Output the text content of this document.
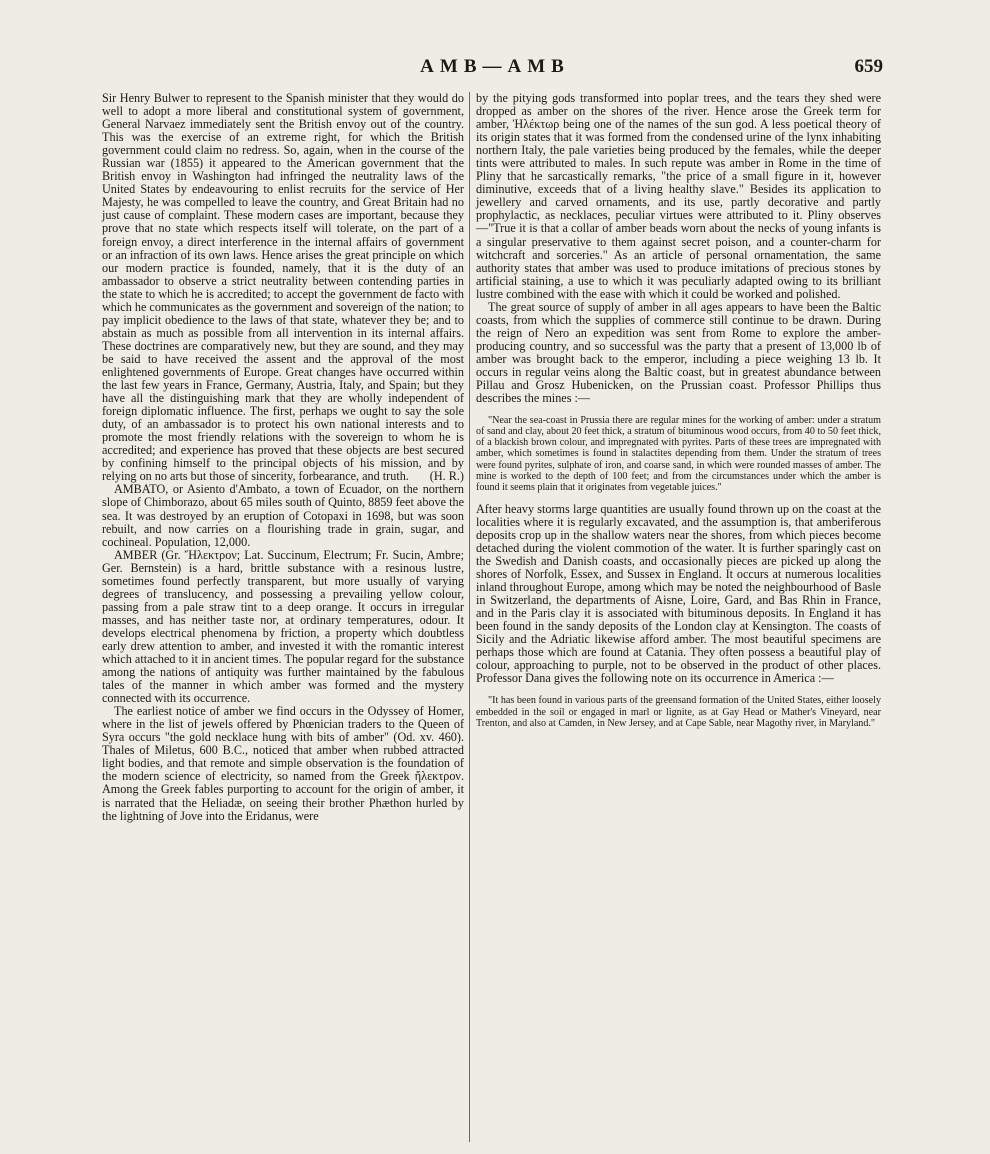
AMB—AMB	659

Sir Henry Bulwer to represent to the Spanish minister that they would do well to adopt a more liberal and constitutional system of government, General Narvaez immediately sent the British envoy out of the country. This was the exercise of an extreme right, for which the British government could claim no redress. So, again, when in the course of the Russian war (1855) it appeared to the American government that the British envoy in Washington had infringed the neutrality laws of the United States by endeavouring to enlist recruits for the service of Her Majesty, he was compelled to leave the country, and Great Britain had no just cause of complaint. These modern cases are important, because they prove that no state which respects itself will tolerate, on the part of a foreign envoy, a direct interference in the internal affairs of government or an infraction of its own laws. Hence arises the great principle on which our modern practice is founded, namely, that it is the duty of an ambassador to observe a strict neutrality between contending parties in the state to which he is accredited; to accept the government de facto with which he communicates as the government and sovereign of the nation; to pay implicit obedience to the laws of that state, whatever they be; and to abstain as much as possible from all intervention in its internal affairs. These doctrines are comparatively new, but they are sound, and they may be said to have received the assent and the approval of the most enlightened governments of Europe. Great changes have occurred within the last few years in France, Germany, Austria, Italy, and Spain; but they have all the distinguishing mark that they are wholly independent of foreign diplomatic influence. The first, perhaps we ought to say the sole duty, of an ambassador is to protect his own national interests and to promote the most friendly relations with the sovereign to whom he is accredited; and experience has proved that these objects are best secured by confining himself to the principal objects of his mission, and by relying on no arts but those of sincerity, forbearance, and truth. (H. R.)

AMBATO, or Asiento d'Ambato, a town of Ecuador, on the northern slope of Chimborazo, about 65 miles south of Quinto, 8859 feet above the sea. It was destroyed by an eruption of Cotopaxi in 1698, but was soon rebuilt, and now carries on a flourishing trade in grain, sugar, and cochineal. Population, 12,000.

AMBER (Gr. Ἤλεκτρον; Lat. Succinum, Electrum; Fr. Sucin, Ambre; Ger. Bernstein) is a hard, brittle substance with a resinous lustre, sometimes found perfectly transparent, but more usually of varying degrees of translucency, and possessing a prevailing yellow colour, passing from a pale straw tint to a deep orange. It occurs in irregular masses, and has neither taste nor, at ordinary temperatures, odour. It develops electrical phenomena by friction, a property which doubtless early drew attention to amber, and invested it with the romantic interest which attached to it in ancient times. The popular regard for the substance among the nations of antiquity was further maintained by the fabulous tales of the manner in which amber was formed and the mystery connected with its occurrence.

The earliest notice of amber we find occurs in the Odyssey of Homer, where in the list of jewels offered by Phœnician traders to the Queen of Syra occurs "the gold necklace hung with bits of amber" (Od. xv. 460). Thales of Miletus, 600 B.C., noticed that amber when rubbed attracted light bodies, and that remote and simple observation is the foundation of the modern science of electricity, so named from the Greek ἤλεκτρον. Among the Greek fables purporting to account for the origin of amber, it is narrated that the Heliadæ, on seeing their brother Phæthon hurled by the lightning of Jove into the Eridanus, were

by the pitying gods transformed into poplar trees, and the tears they shed were dropped as amber on the shores of the river. Hence arose the Greek term for amber, Ἠλέκτωρ being one of the names of the sun god. A less poetical theory of its origin states that it was formed from the condensed urine of the lynx inhabiting northern Italy, the pale varieties being produced by the females, while the deeper tints were attributed to males. In such repute was amber in Rome in the time of Pliny that he sarcastically remarks, "the price of a small figure in it, however diminutive, exceeds that of a living healthy slave." Besides its application to jewellery and carved ornaments, and its use, partly decorative and partly prophylactic, as necklaces, peculiar virtues were attributed to it. Pliny observes—"True it is that a collar of amber beads worn about the necks of young infants is a singular preservative to them against secret poison, and a counter-charm for witchcraft and sorceries." As an article of personal ornamentation, the same authority states that amber was used to produce imitations of precious stones by artificial staining, a use to which it was peculiarly adapted owing to its brilliant lustre combined with the ease with which it could be worked and polished.

The great source of supply of amber in all ages appears to have been the Baltic coasts, from which the supplies of commerce still continue to be drawn. During the reign of Nero an expedition was sent from Rome to explore the amber-producing country, and so successful was the party that a present of 13,000 lb of amber was brought back to the emperor, including a piece weighing 13 lb. It occurs in regular veins along the Baltic coast, but in greatest abundance between Pillau and Grosz Hubenicken, on the Prussian coast. Professor Phillips thus describes the mines :—

"Near the sea-coast in Prussia there are regular mines for the working of amber: under a stratum of sand and clay, about 20 feet thick, a stratum of bituminous wood occurs, from 40 to 50 feet thick, of a blackish brown colour, and impregnated with pyrites. Parts of these trees are impregnated with amber, which sometimes is found in stalactites depending from them. Under the stratum of trees were found pyrites, sulphate of iron, and coarse sand, in which were rounded masses of amber. The mine is worked to the depth of 100 feet; and from the circumstances under which the amber is found it seems plain that it originates from vegetable juices."

After heavy storms large quantities are usually found thrown up on the coast at the localities where it is regularly excavated, and the assumption is, that amberiferous deposits crop up in the shallow waters near the shores, from which pieces become detached during the violent commotion of the water. It is further sparingly cast on the Swedish and Danish coasts, and occasionally pieces are picked up along the shores of Norfolk, Essex, and Sussex in England. It occurs at numerous localities inland throughout Europe, among which may be noted the neighbourhood of Basle in Switzerland, the departments of Aisne, Loire, Gard, and Bas Rhin in France, and in the Paris clay it is associated with bituminous deposits. In England it has been found in the sandy deposits of the London clay at Kensington. The coasts of Sicily and the Adriatic likewise afford amber. The most beautiful specimens are perhaps those which are found at Catania. They often possess a beautiful play of colour, approaching to purple, not to be observed in the product of other places. Professor Dana gives the following note on its occurrence in America :—

"It has been found in various parts of the greensand formation of the United States, either loosely embedded in the soil or engaged in marl or lignite, as at Gay Head or Mather's Vineyard, near Trenton, and also at Camden, in New Jersey, and at Cape Sable, near Magothy river, in Maryland."
